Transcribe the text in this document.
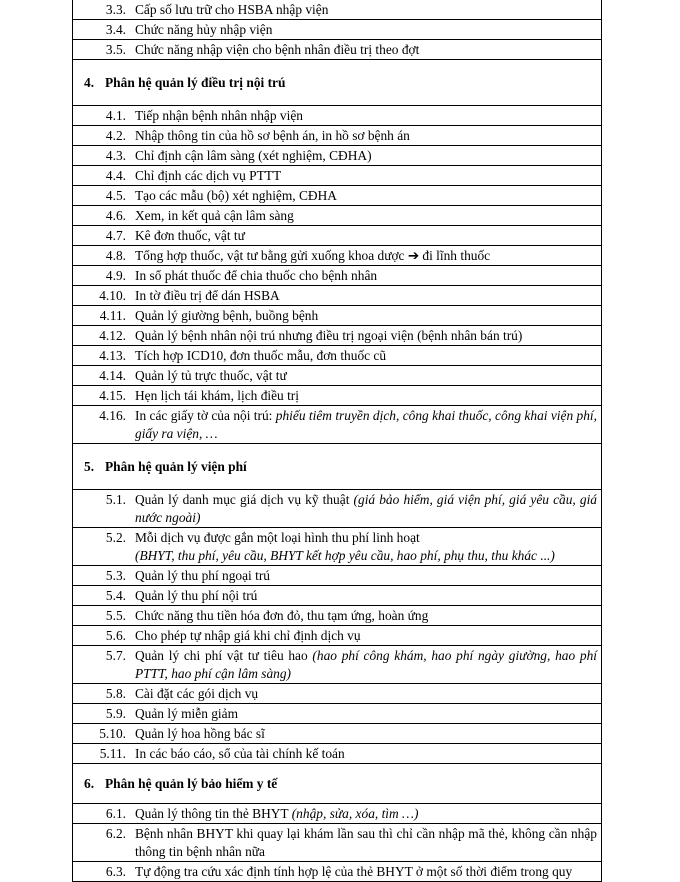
3.3. Cấp số lưu trữ cho HSBA nhập viện
3.4. Chức năng hủy nhập viện
3.5. Chức năng nhập viện cho bệnh nhân điều trị theo đợt
4. Phân hệ quản lý điều trị nội trú
4.1. Tiếp nhận bệnh nhân nhập viện
4.2. Nhập thông tin của hồ sơ bệnh án, in hồ sơ bệnh án
4.3. Chỉ định cận lâm sàng (xét nghiệm, CĐHA)
4.4. Chỉ định các dịch vụ PTTT
4.5. Tạo các mẫu (bộ) xét nghiệm, CĐHA
4.6. Xem, in kết quả cận lâm sàng
4.7. Kê đơn thuốc, vật tư
4.8. Tổng hợp thuốc, vật tư bằng gửi xuống khoa dược ➔ đi lĩnh thuốc
4.9. In sổ phát thuốc để chia thuốc cho bệnh nhân
4.10. In tờ điều trị để dán HSBA
4.11. Quản lý giường bệnh, buồng bệnh
4.12. Quản lý bệnh nhân nội trú nhưng điều trị ngoại viện (bệnh nhân bán trú)
4.13. Tích hợp ICD10, đơn thuốc mẫu, đơn thuốc cũ
4.14. Quản lý tủ trực thuốc, vật tư
4.15. Hẹn lịch tái khám, lịch điều trị
4.16. In các giấy tờ của nội trú: phiếu tiêm truyền dịch, công khai thuốc, công khai viện phí, giấy ra viện, …
5. Phân hệ quản lý viện phí
5.1. Quản lý danh mục giá dịch vụ kỹ thuật (giá bảo hiểm, giá viện phí, giá yêu cầu, giá nước ngoài)
5.2. Mỗi dịch vụ được gắn một loại hình thu phí linh hoạt
(BHYT, thu phí, yêu cầu, BHYT kết hợp yêu cầu, hao phí, phụ thu, thu khác ...)
5.3. Quản lý thu phí ngoại trú
5.4. Quản lý thu phí nội trú
5.5. Chức năng thu tiền hóa đơn đỏ, thu tạm ứng, hoàn ứng
5.6. Cho phép tự nhập giá khi chỉ định dịch vụ
5.7. Quản lý chi phí vật tư tiêu hao (hao phí công khám, hao phí ngày giường, hao phí PTTT, hao phí cận lâm sàng)
5.8. Cài đặt các gói dịch vụ
5.9. Quản lý miễn giảm
5.10. Quản lý hoa hồng bác sĩ
5.11. In các báo cáo, sổ của tài chính kế toán
6. Phân hệ quản lý bảo hiểm y tế
6.1. Quản lý thông tin thẻ BHYT (nhập, sửa, xóa, tìm …)
6.2. Bệnh nhân BHYT khi quay lại khám lần sau thì chỉ cần nhập mã thẻ, không cần nhập thông tin bệnh nhân nữa
6.3. Tự động tra cứu xác định tính hợp lệ của thẻ BHYT ở một số thời điểm trong quy
